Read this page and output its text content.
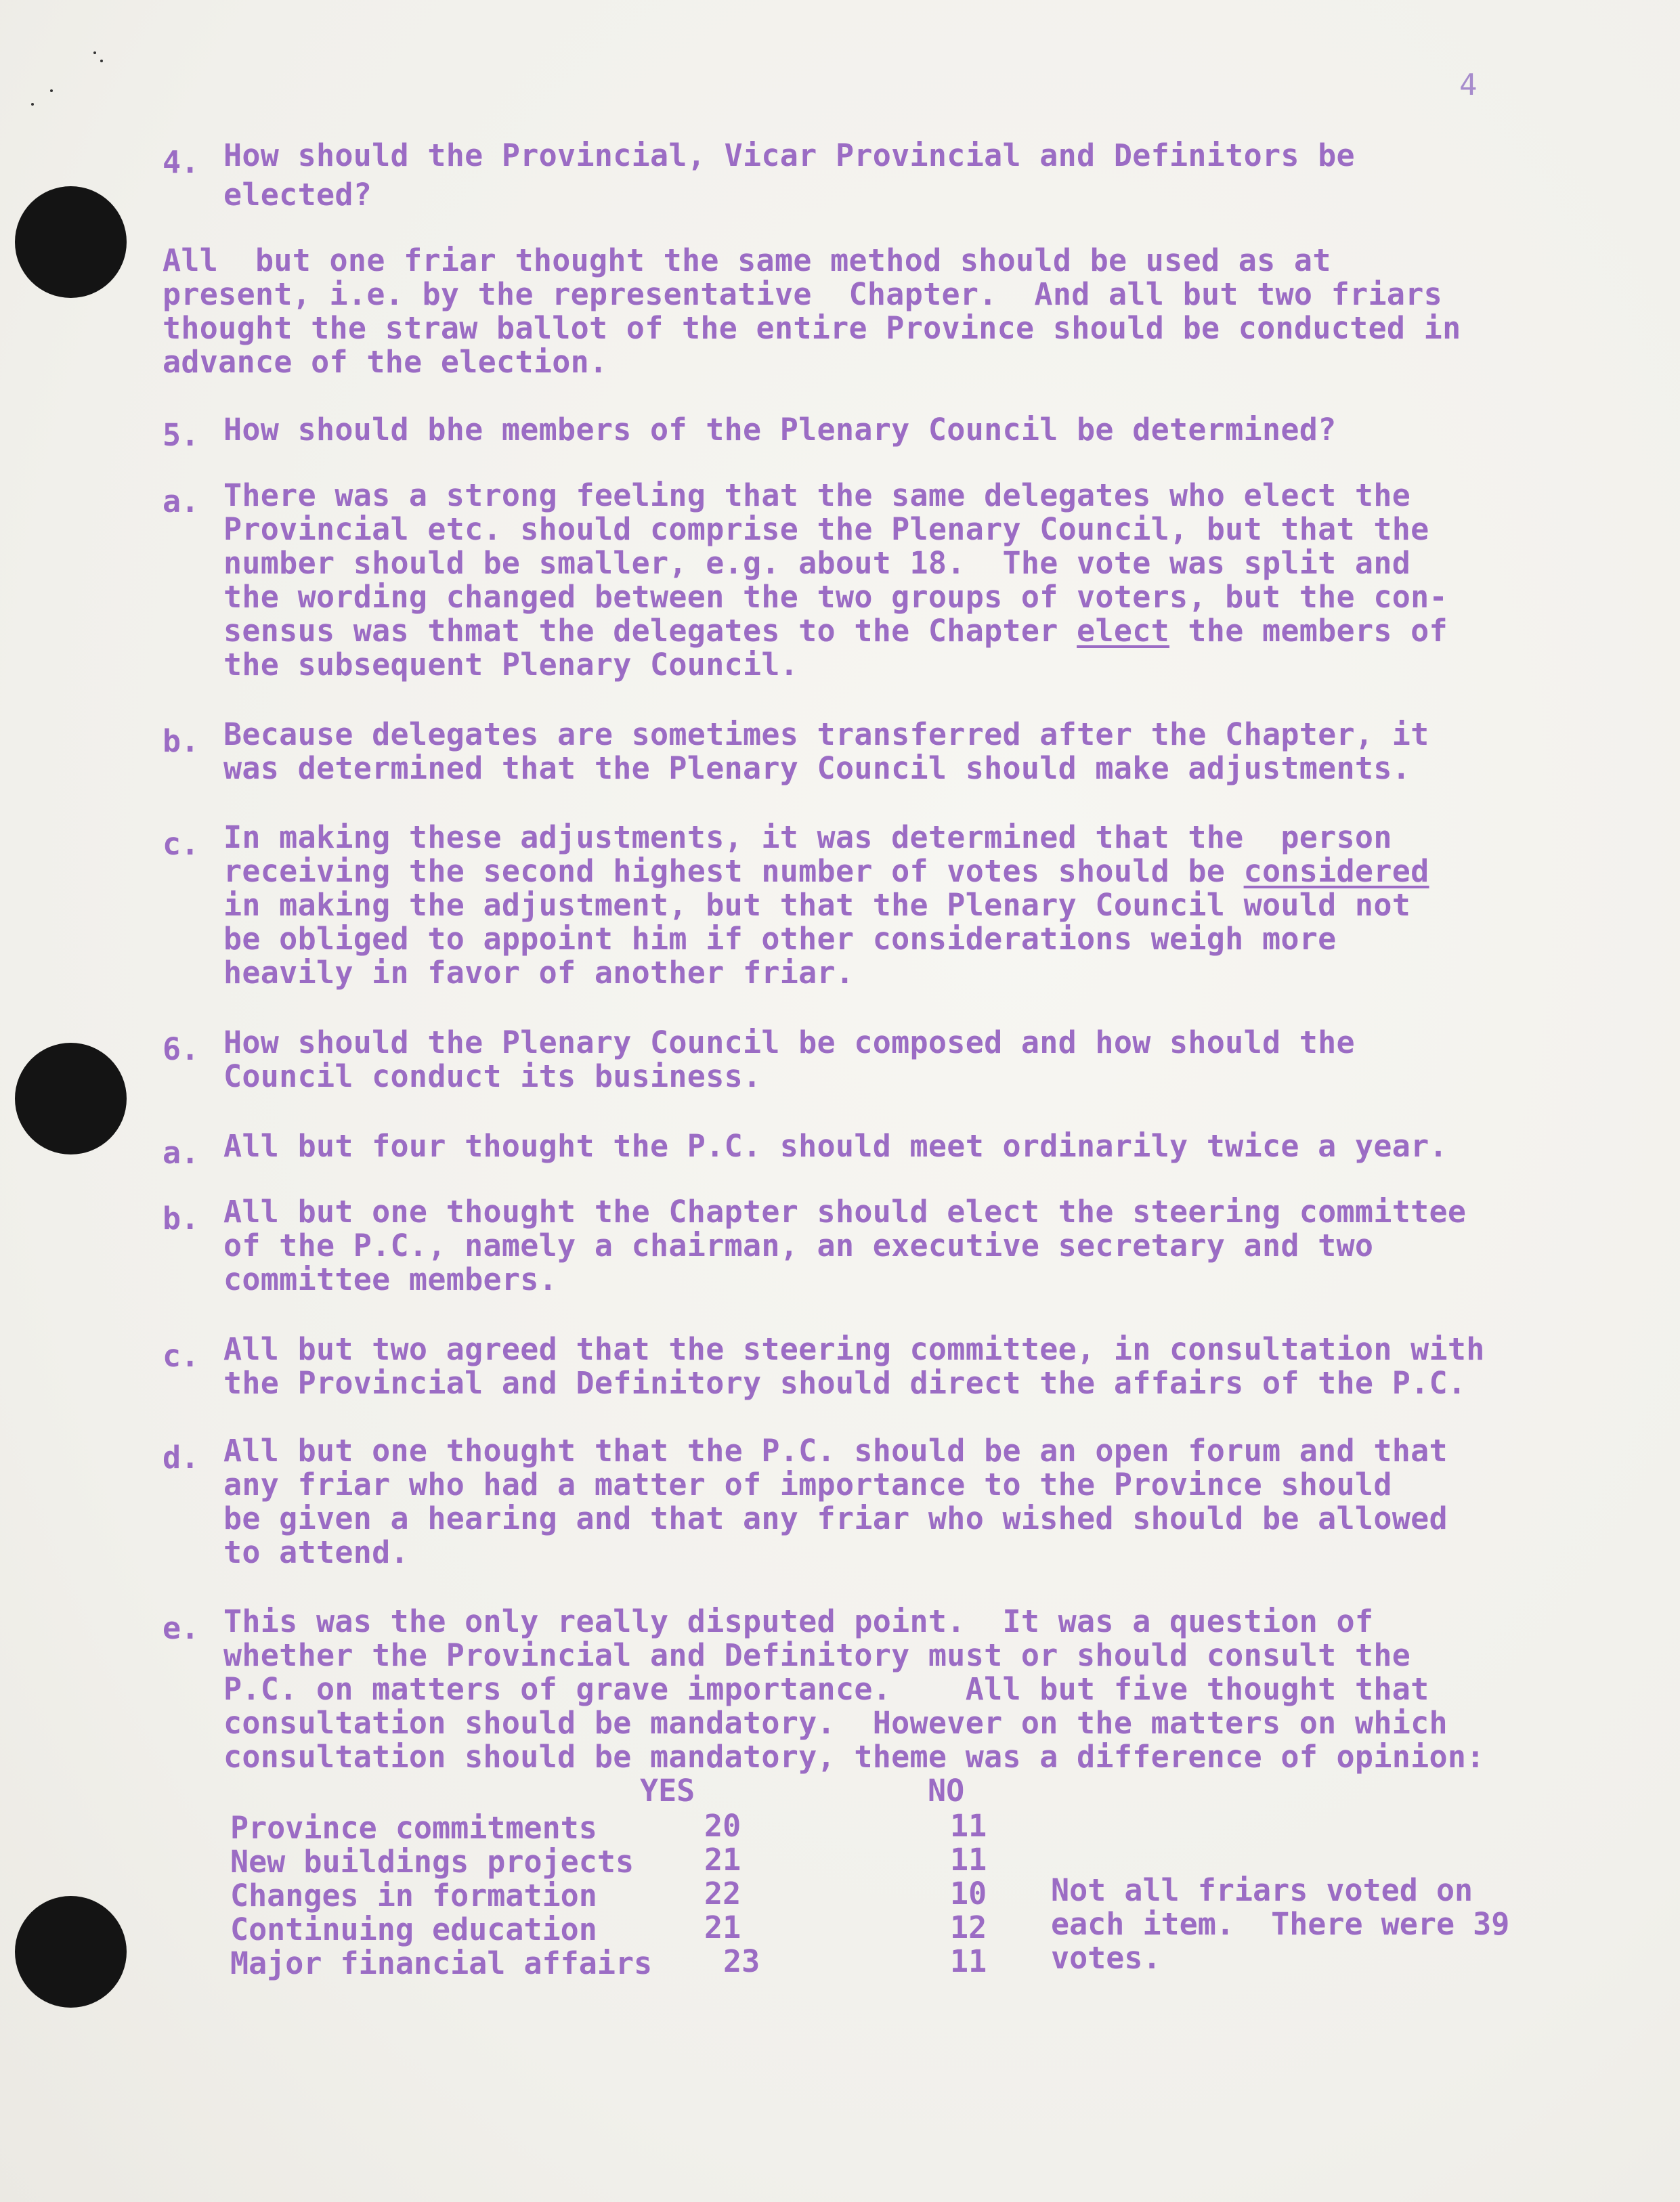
4
4. How should the Provincial, Vicar Provincial and Definitors be
elected?
All  but one friar thought the same method should be used as at
present, i.e. by the representative  Chapter.  And all but two friars
thought the straw ballot of the entire Province should be conducted in
advance of the election.
5. How should bhe members of the Plenary Council be determined?
a. There was a strong feeling that the same delegates who elect the
Provincial etc. should comprise the Plenary Council, but that the
number should be smaller, e.g. about 18.  The vote was split and
the wording changed between the two groups of voters, but the con-
sensus was thmat the delegates to the Chapter elect the members of
the subsequent Plenary Council.
b. Because delegates are sometimes transferred after the Chapter, it
was determined that the Plenary Council should make adjustments.
c. In making these adjustments, it was determined that the  person
receiving the second highest number of votes should be considered
in making the adjustment, but that the Plenary Council would not
be obliged to appoint him if other considerations weigh more
heavily in favor of another friar.
6. How should the Plenary Council be composed and how should the
Council conduct its business.
a. All but four thought the P.C. should meet ordinarily twice a year.
b. All but one thought the Chapter should elect the steering committee
of the P.C., namely a chairman, an executive secretary and two
committee members.
c. All but two agreed that the steering committee, in consultation with
the Provincial and Definitory should direct the affairs of the P.C.
d. All but one thought that the P.C. should be an open forum and that
any friar who had a matter of importance to the Province should
be given a hearing and that any friar who wished should be allowed
to attend.
e. This was the only really disputed point.  It was a question of
whether the Provincial and Definitory must or should consult the
P.C. on matters of grave importance.    All but five thought that
consultation should be mandatory.  However on the matters on which
consultation should be mandatory, theme was a difference of opinion:
YES	NO
Province commitments	20	11
New buildings projects 21	11
Changes in formation	22	10
Continuing education	21	12
Major financial affairs 23	11
Not all friars voted on
each item.  There were 39
votes.
